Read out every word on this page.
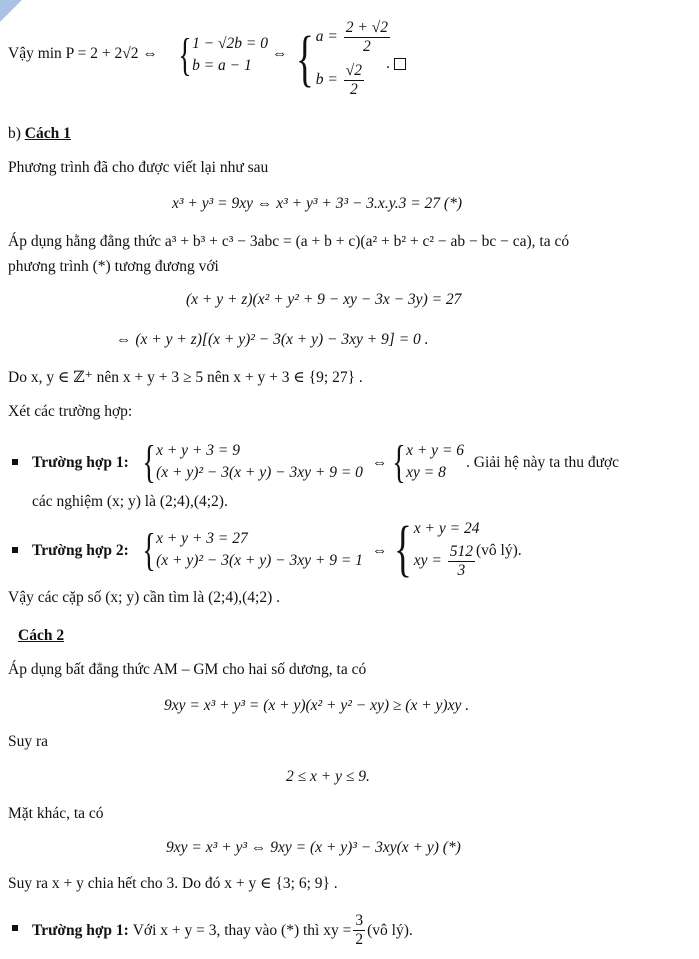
Vậy min P = 2 + 2√2 ⇔ { 1 − √2b = 0
b = a − 1
⇔ { $a = \frac{2 + √2}{2}$
$b = \frac{√2}{2}$ .
b) Cách 1
Phương trình đã cho được viết lại như sau
x³ + y³ = 9xy ⇔ x³ + y³ + 3³ − 3.x.y.3 = 27 (*)
Áp dụng hằng đẳng thức a³ + b³ + c³ − 3abc = (a + b + c)(a² + b² + c² − ab − bc − ca), ta có
phương trình (*) tương đương với
(x + y + z)(x² + y² + 9 − xy − 3x − 3y) = 27
⇔ (x + y + z)[(x + y)² − 3(x + y) − 3xy + 9] = 0 .
Do x, y ∈ ℤ⁺ nên x + y + 3 ≥ 5 nên x + y + 3 ∈ {9; 27} .
Xét các trường hợp:
Trường hợp 1: { x + y + 3 = 9
(x + y)² − 3(x + y) − 3xy + 9 = 0
⇔ { x + y = 6
xy = 8
. Giải hệ này ta thu được
các nghiệm (x; y) là (2;4),(4;2).
Trường hợp 2: { x + y + 3 = 27
(x + y)² − 3(x + y) − 3xy + 9 = 1
⇔ { x + y = 24
xy = $\frac{512}{3}$ (vô lý).
Vậy các cặp số (x; y) cần tìm là (2;4),(4;2) .
Cách 2
Áp dụng bất đẳng thức AM – GM cho hai số dương, ta có
9xy = x³ + y³ = (x + y)(x² + y² − xy) ≥ (x + y)xy .
Suy ra
2 ≤ x + y ≤ 9.
Mặt khác, ta có
9xy = x³ + y³ ⇔ 9xy = (x + y)³ − 3xy(x + y) (*)
Suy ra x + y chia hết cho 3. Do đó x + y ∈ {3; 6; 9} .
Trường hợp 1:
Với x + y = 3, thay vào (*) thì xy = $\frac{3}{2}$ (vô lý).
